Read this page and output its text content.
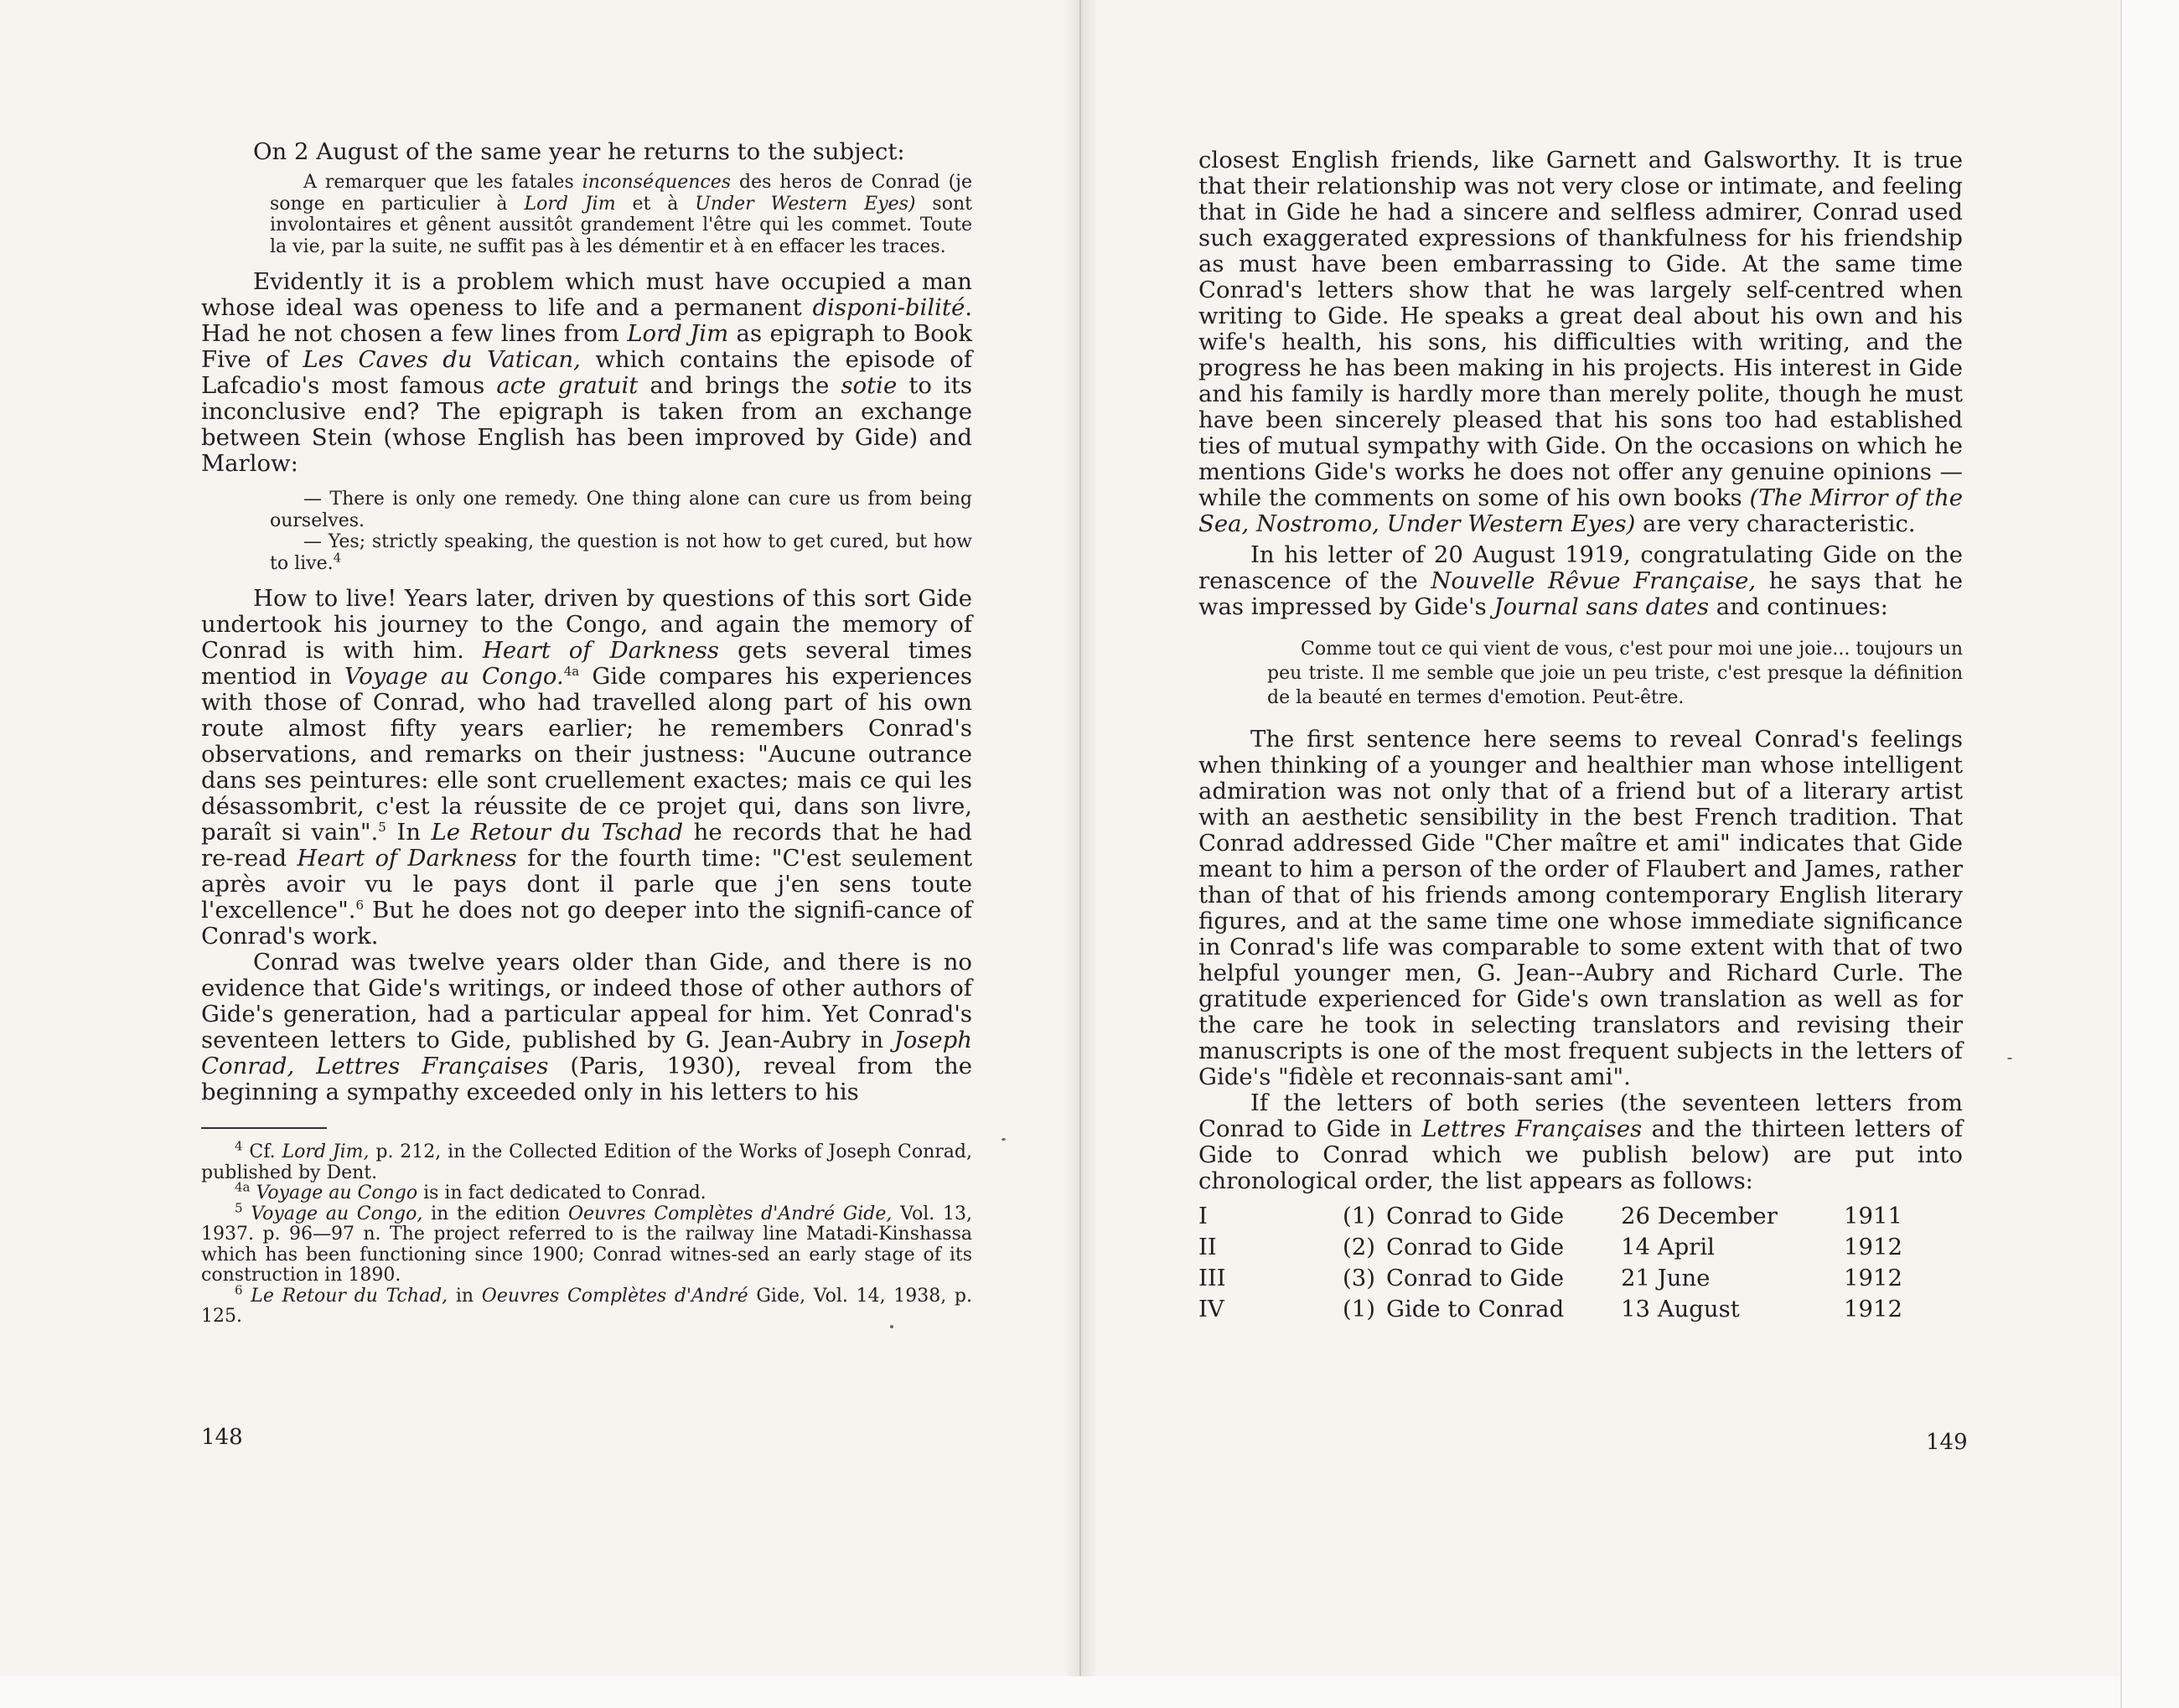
On 2 August of the same year he returns to the subject:

A remarquer que les fatales inconséquences des heros de Conrad (je songe en particulier à Lord Jim et à Under Western Eyes) sont involontaires et gênent aussitôt grandement l'être qui les commet. Toute la vie, par la suite, ne suffit pas à les démentir et à en effacer les traces.

Evidently it is a problem which must have occupied a man whose ideal was openess to life and a permanent disponi-bilité. Had he not chosen a few lines from Lord Jim as epigraph to Book Five of Les Caves du Vatican, which contains the episode of Lafcadio's most famous acte gratuit and brings the sotie to its inconclusive end? The epigraph is taken from an exchange between Stein (whose English has been improved by Gide) and Marlow:

— There is only one remedy. One thing alone can cure us from being ourselves.

— Yes; strictly speaking, the question is not how to get cured, but how to live.$^4$

How to live! Years later, driven by questions of this sort Gide undertook his journey to the Congo, and again the memory of Conrad is with him. Heart of Darkness gets several times mentiod in Voyage au Congo.$^{4a}$ Gide compares his experiences with those of Conrad, who had travelled along part of his own route almost fifty years earlier; he remembers Conrad's observations, and remarks on their justness: "Aucune outrance dans ses peintures: elle sont cruellement exactes; mais ce qui les désassombrit, c'est la réussite de ce projet qui, dans son livre, paraît si vain".$^5$ In Le Retour du Tschad he records that he had re-read Heart of Darkness for the fourth time: "C'est seulement après avoir vu le pays dont il parle que j'en sens toute l'excellence".$^6$ But he does not go deeper into the signifi-cance of Conrad's work.

Conrad was twelve years older than Gide, and there is no evidence that Gide's writings, or indeed those of other authors of Gide's generation, had a particular appeal for him. Yet Conrad's seventeen letters to Gide, published by G. Jean-Aubry in Joseph Conrad, Lettres Françaises (Paris, 1930), reveal from the beginning a sympathy exceeded only in his letters to his

$^4$ Cf. Lord Jim, p. 212, in the Collected Edition of the Works of Joseph Conrad, published by Dent.

$^{4a}$ Voyage au Congo is in fact dedicated to Conrad.

$^5$ Voyage au Congo, in the edition Oeuvres Complètes d'André Gide, Vol. 13, 1937. p. 96—97 n. The project referred to is the railway line Matadi-Kinshassa which has been functioning since 1900; Conrad witnes-sed an early stage of its construction in 1890.

$^6$ Le Retour du Tchad, in Oeuvres Complètes d'André Gide, Vol. 14, 1938, p. 125.

148

closest English friends, like Garnett and Galsworthy. It is true that their relationship was not very close or intimate, and feeling that in Gide he had a sincere and selfless admirer, Conrad used such exaggerated expressions of thankfulness for his friendship as must have been embarrassing to Gide. At the same time Conrad's letters show that he was largely self-centred when writing to Gide. He speaks a great deal about his own and his wife's health, his sons, his difficulties with writing, and the progress he has been making in his projects. His interest in Gide and his family is hardly more than merely polite, though he must have been sincerely pleased that his sons too had established ties of mutual sympathy with Gide. On the occasions on which he mentions Gide's works he does not offer any genuine opinions — while the comments on some of his own books (The Mirror of the Sea, Nostromo, Under Western Eyes) are very characteristic.

In his letter of 20 August 1919, congratulating Gide on the renascence of the Nouvelle Rêvue Française, he says that he was impressed by Gide's Journal sans dates and continues:

Comme tout ce qui vient de vous, c'est pour moi une joie... toujours un peu triste. Il me semble que joie un peu triste, c'est presque la définition de la beauté en termes d'emotion. Peut-être.

The first sentence here seems to reveal Conrad's feelings when thinking of a younger and healthier man whose intelligent admiration was not only that of a friend but of a literary artist with an aesthetic sensibility in the best French tradition. That Conrad addressed Gide "Cher maître et ami" indicates that Gide meant to him a person of the order of Flaubert and James, rather than of that of his friends among contemporary English literary figures, and at the same time one whose immediate significance in Conrad's life was comparable to some extent with that of two helpful younger men, G. Jean--Aubry and Richard Curle. The gratitude experienced for Gide's own translation as well as for the care he took in selecting translators and revising their manuscripts is one of the most frequent subjects in the letters of Gide's "fidèle et reconnais-sant ami".

If the letters of both series (the seventeen letters from Conrad to Gide in Lettres Françaises and the thirteen letters of Gide to Conrad which we publish below) are put into chronological order, the list appears as follows:

I	(1)	Conrad to Gide	26 December	1911
II	(2)	Conrad to Gide	14 April	1912
III	(3)	Conrad to Gide	21 June	1912
IV	(1)	Gide to Conrad	13 August	1912
149
